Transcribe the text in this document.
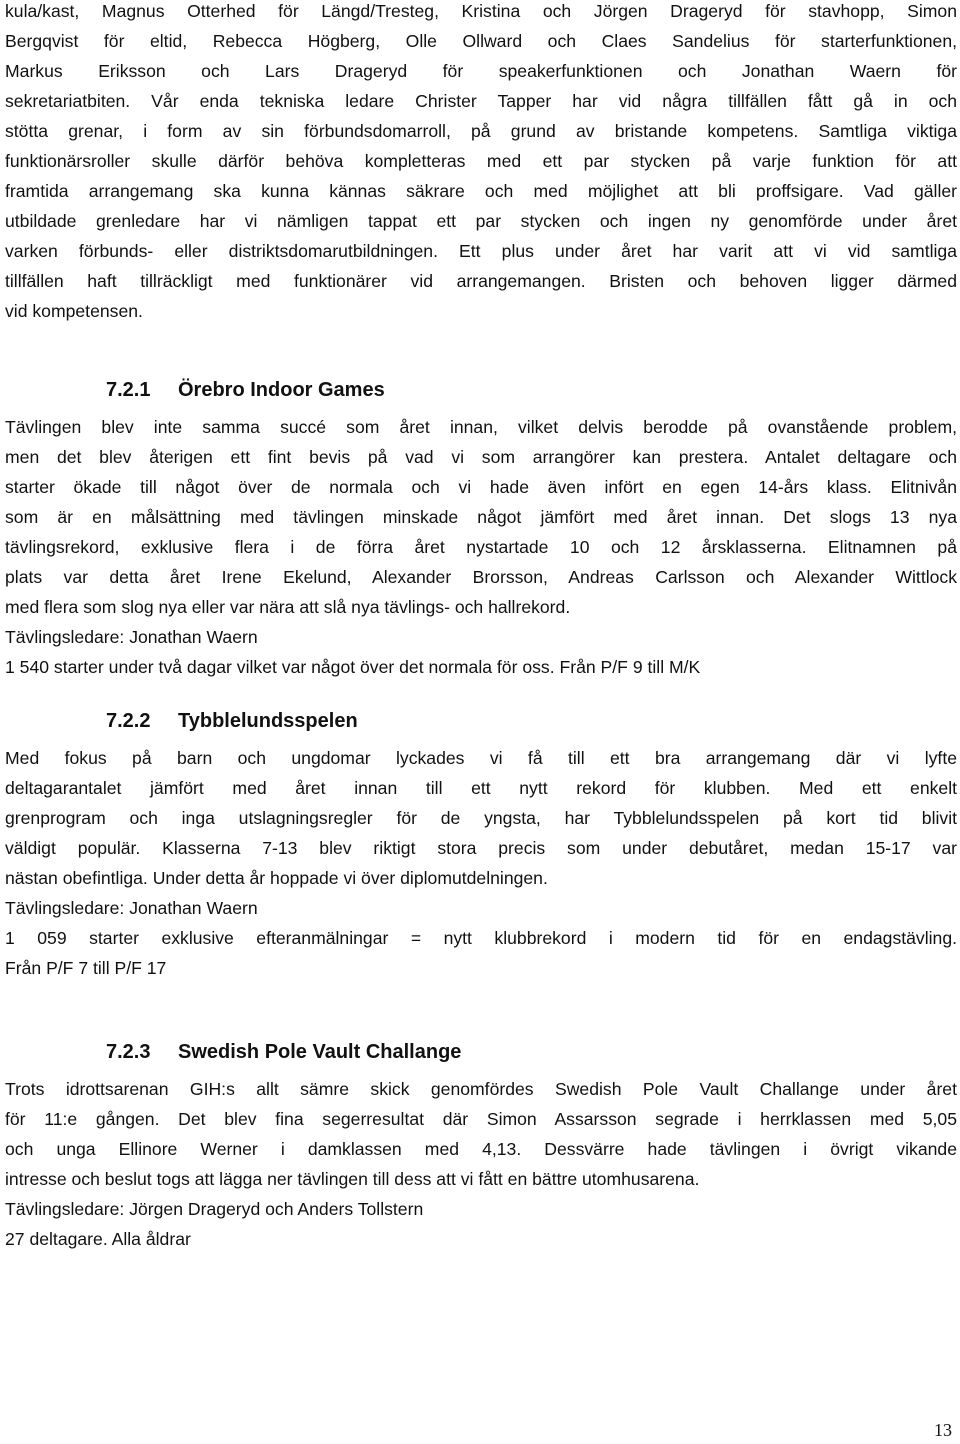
kula/kast, Magnus Otterhed för Längd/Tresteg, Kristina och Jörgen Drageryd för stavhopp, Simon
Bergqvist för eltid, Rebecca Högberg, Olle Ollward och Claes Sandelius för starterfunktionen,
Markus Eriksson och Lars Drageryd för speakerfunktionen och Jonathan Waern för
sekretariatbiten. Vår enda tekniska ledare Christer Tapper har vid några tillfällen fått gå in och
stötta grenar, i form av sin förbundsdomarroll, på grund av bristande kompetens. Samtliga viktiga
funktionärsroller skulle därför behöva kompletteras med ett par stycken på varje funktion för att
framtida arrangemang ska kunna kännas säkrare och med möjlighet att bli proffsigare. Vad gäller
utbildade grenledare har vi nämligen tappat ett par stycken och ingen ny genomförde under året
varken förbunds- eller distriktsdomarutbildningen. Ett plus under året har varit att vi vid samtliga
tillfällen haft tillräckligt med funktionärer vid arrangemangen. Bristen och behoven ligger därmed
vid kompetensen.
7.2.1 Örebro Indoor Games
Tävlingen blev inte samma succé som året innan, vilket delvis berodde på ovanstående problem,
men det blev återigen ett fint bevis på vad vi som arrangörer kan prestera. Antalet deltagare och
starter ökade till något över de normala och vi hade även infört en egen 14-års klass. Elitnivån
som är en målsättning med tävlingen minskade något jämfört med året innan. Det slogs 13 nya
tävlingsrekord, exklusive flera i de förra året nystartade 10 och 12 årsklasserna. Elitnamnen på
plats var detta året Irene Ekelund, Alexander Brorsson, Andreas Carlsson och Alexander Wittlock
med flera som slog nya eller var nära att slå nya tävlings- och hallrekord.
Tävlingsledare: Jonathan Waern
1 540 starter under två dagar vilket var något över det normala för oss. Från P/F 9 till M/K
7.2.2 Tybblelundsspelen
Med fokus på barn och ungdomar lyckades vi få till ett bra arrangemang där vi lyfte
deltagarantalet jämfört med året innan till ett nytt rekord för klubben. Med ett enkelt
grenprogram och inga utslagningsregler för de yngsta, har Tybblelundsspelen på kort tid blivit
väldigt populär. Klasserna 7-13 blev riktigt stora precis som under debutåret, medan 15-17 var
nästan obefintliga. Under detta år hoppade vi över diplomutdelningen.
Tävlingsledare: Jonathan Waern
1 059 starter exklusive efteranmälningar = nytt klubbrekord i modern tid för en endagstävling.
Från P/F 7 till P/F 17
7.2.3 Swedish Pole Vault Challange
Trots idrottsarenan GIH:s allt sämre skick genomfördes Swedish Pole Vault Challange under året
för 11:e gången. Det blev fina segerresultat där Simon Assarsson segrade i herrklassen med 5,05
och unga Ellinore Werner i damklassen med 4,13. Dessvärre hade tävlingen i övrigt vikande
intresse och beslut togs att lägga ner tävlingen till dess att vi fått en bättre utomhusarena.
Tävlingsledare: Jörgen Drageryd och Anders Tollstern
27 deltagare. Alla åldrar
13
